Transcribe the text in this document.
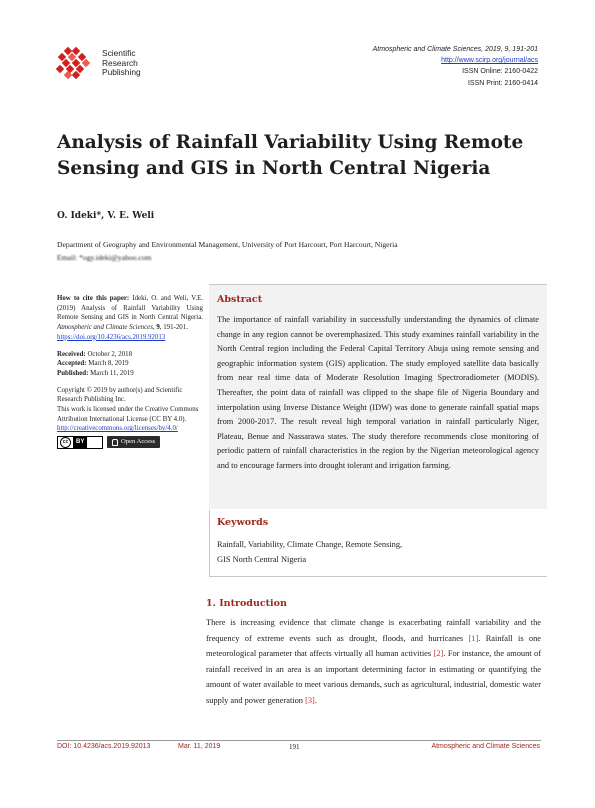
Scientific
Research
Publishing
Atmospheric and Climate Sciences, 2019, 9, 191-201
http://www.scirp.org/journal/acs
ISSN Online: 2160-0422
ISSN Print: 2160-0414
Analysis of Rainfall Variability Using Remote
Sensing and GIS in North Central Nigeria
O. Ideki*, V. E. Weli
Department of Geography and Environmental Management, University of Port Harcourt, Port Harcourt, Nigeria
Email: *ogy.ideki@yahoo.com
How to cite this paper: Ideki, O. and Weli, V.E. (2019) Analysis of Rainfall Variability Using Remote Sensing and GIS in North Central Nigeria. Atmospheric and Climate Sciences, 9, 191-201.
https://doi.org/10.4236/acs.2019.92013
Received: October 2, 2018
Accepted: March 8, 2019
Published: March 11, 2019
Copyright © 2019 by author(s) and Scientific Research Publishing Inc.
This work is licensed under the Creative Commons Attribution International License (CC BY 4.0).
http://creativecommons.org/licenses/by/4.0/
cc	BY	Open Access
Abstract
The importance of rainfall variability in successfully understanding the dynamics of climate change in any region cannot be overemphasized. This study examines rainfall variability in the North Central region including the Federal Capital Territory Abuja using remote sensing and geographic information system (GIS) application. The study employed satellite data basically from near real time data of Moderate Resolution Imaging Spectroradiometer (MODIS). Thereafter, the point data of rainfall was clipped to the shape file of Nigeria Boundary and interpolation using Inverse Distance Weight (IDW) was done to generate rainfall spatial maps from 2000-2017. The result reveal high temporal variation in rainfall particularly Niger, Plateau, Benue and Nassarawa states. The study therefore recommends close monitoring of periodic pattern of rainfall characteristics in the region by the Nigerian meteorological agency and to encourage farmers into drought tolerant and irrigation farming.
Keywords
Rainfall, Variability, Climate Change, Remote Sensing,
GIS North Central Nigeria
1. Introduction
There is increasing evidence that climate change is exacerbating rainfall variability and the frequency of extreme events such as drought, floods, and hurricanes [1]. Rainfall is one meteorological parameter that affects virtually all human activities [2]. For instance, the amount of rainfall received in an area is an important determining factor in estimating or quantifying the amount of water available to meet various demands, such as agricultural, industrial, domestic water supply and power generation [3].
DOI: 10.4236/acs.2019.92013	Mar. 11, 2019	191	Atmospheric and Climate Sciences
